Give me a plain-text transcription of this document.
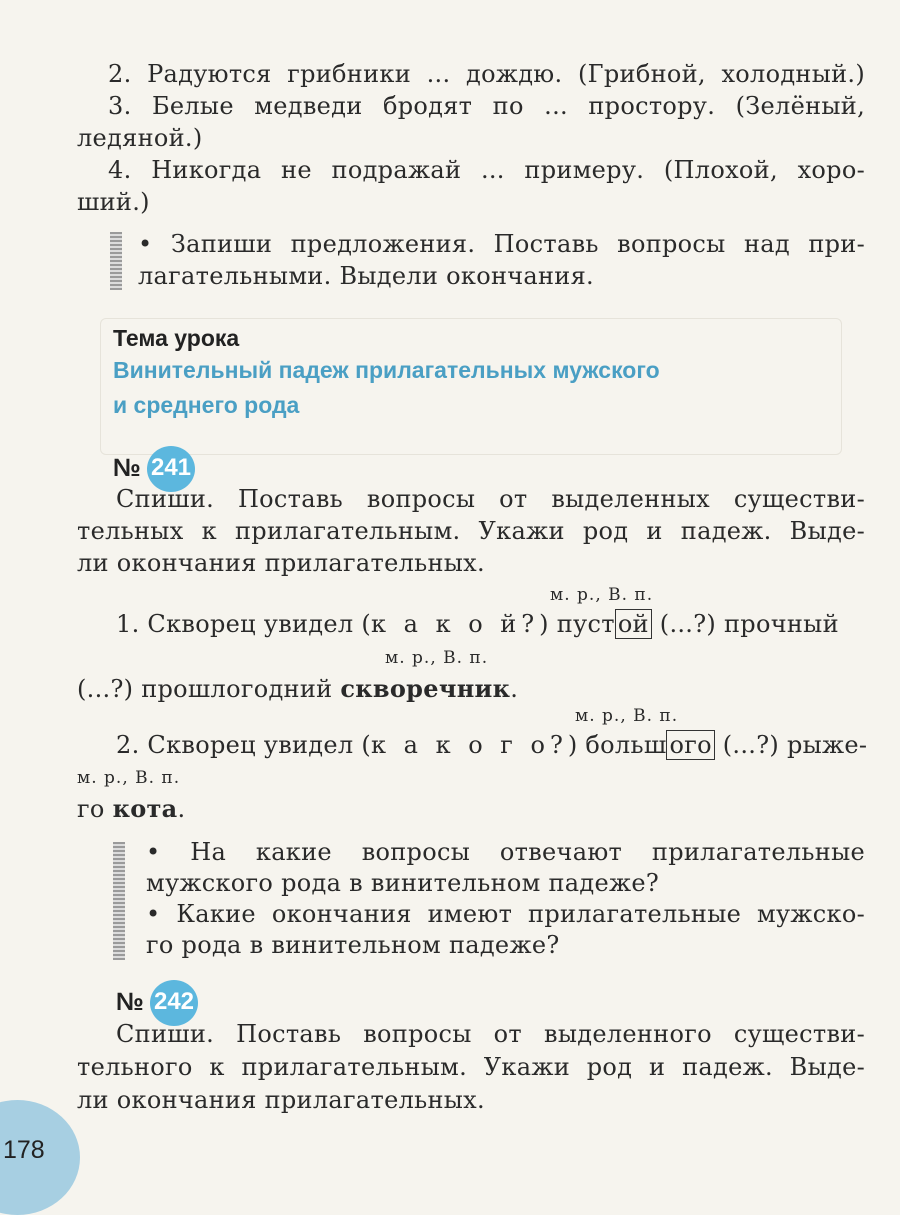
2. Радуются грибники ... дождю. (Грибной, холодный.)
3. Белые медведи бродят по ... простору. (Зелёный,
ледяной.)
4. Никогда не подражай ... примеру. (Плохой, хоро-
ший.)
• Запиши предложения. Поставь вопросы над при-
лагательными. Выдели окончания.
Тема урока
Винительный падеж прилагательных мужского
и среднего рода
№ 241
Спиши. Поставь вопросы от выделенных существи-
тельных к прилагательным. Укажи род и падеж. Выде-
ли окончания прилагательных.
м. р., В. п.
1. Скворец увидел (к а к о й?) пуст ой (...?) прочный
м. р., В. п.
(...?) прошлогодний скворечник.
м. р., В. п.
2. Скворец увидел (к а к о г о?) больш ого (...?) рыже-
м. р., В. п.
го кота.
• На какие вопросы отвечают прилагательные
мужского рода в винительном падеже?
• Какие окончания имеют прилагательные мужско-
го рода в винительном падеже?
№ 242
Спиши. Поставь вопросы от выделенного существи-
тельного к прилагательным. Укажи род и падеж. Выде-
ли окончания прилагательных.
178
